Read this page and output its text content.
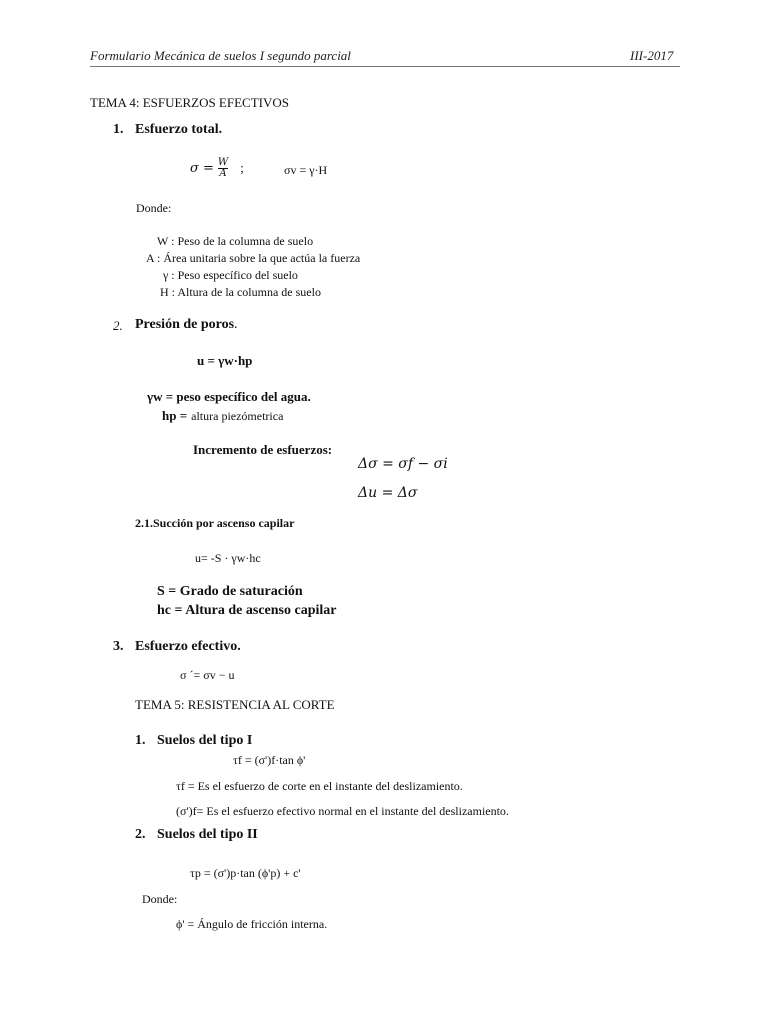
Formulario Mecánica de suelos I segundo parcial	III-2017
TEMA 4: ESFUERZOS EFECTIVOS
1. Esfuerzo total.
$\sigma = \frac{W}{A}$ ;	σv = γ·H
Donde:
W : Peso de la columna de suelo
A : Área unitaria sobre la que actúa la fuerza
γ : Peso específico del suelo
H : Altura de la columna de suelo
2. Presión de poros.
u = γw·hp
γw = peso específico del agua.
hp = altura piezómetrica
Incremento de esfuerzos:
Δσ = σf − σi
Δu = Δσ
2.1.Succión por ascenso capilar
u= -S · γw·hc
S = Grado de saturación
hc = Altura de ascenso capilar
3. Esfuerzo efectivo.
σ ´= σv − u
TEMA 5: RESISTENCIA AL CORTE
1. Suelos del tipo I
τf = (σ')f·tan ϕ'
τf = Es el esfuerzo de corte en el instante del deslizamiento.
(σ')f= Es el esfuerzo efectivo normal en el instante del deslizamiento.
2. Suelos del tipo II
τp = (σ')p·tan (ϕ'p) + c'
Donde:
ϕ' = Ángulo de fricción interna.
